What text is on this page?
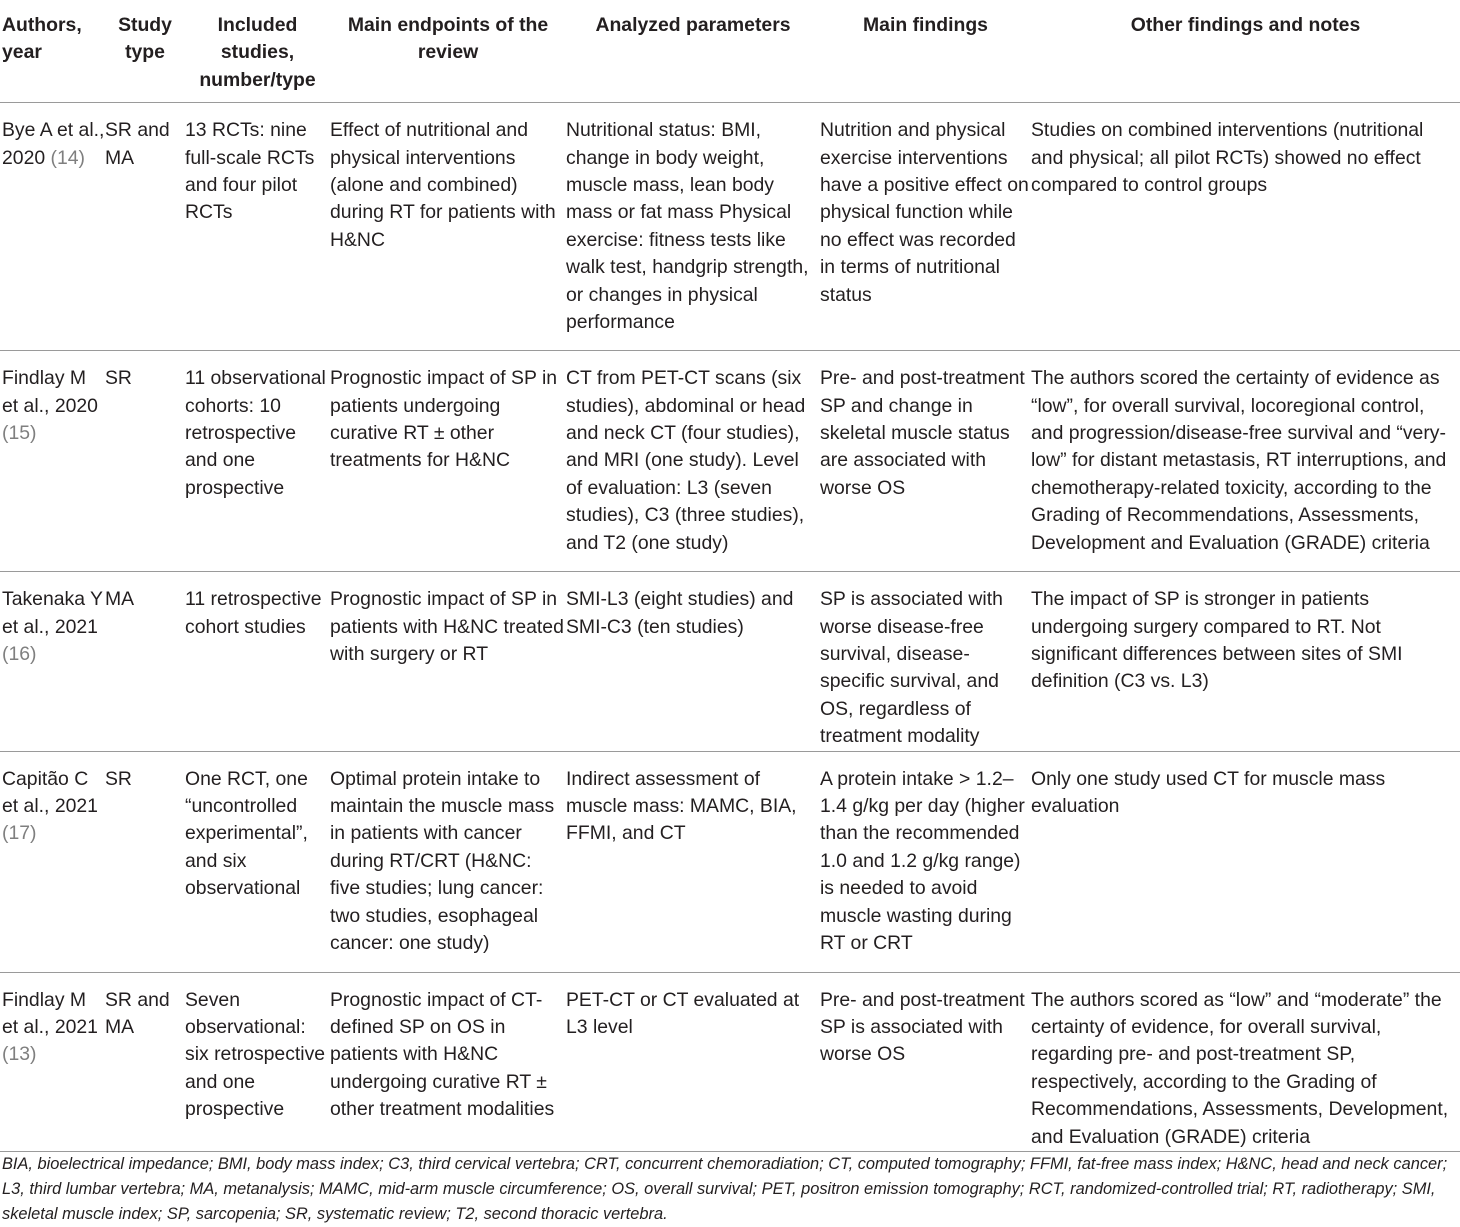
Authors, year	Study type	Included studies, number/type	Main endpoints of the review	Analyzed parameters	Main findings	Other findings and notes
Bye A et al., 2020 (14)	SR and MA	13 RCTs: nine full-scale RCTs and four pilot RCTs	Effect of nutritional and physical interventions (alone and combined) during RT for patients with H&NC	Nutritional status: BMI, change in body weight, muscle mass, lean body mass or fat mass Physical exercise: fitness tests like walk test, handgrip strength, or changes in physical performance	Nutrition and physical exercise interventions have a positive effect on physical function while no effect was recorded in terms of nutritional status	Studies on combined interventions (nutritional and physical; all pilot RCTs) showed no effect compared to control groups
Findlay M et al., 2020 (15)	SR	11 observational cohorts: 10 retrospective and one prospective	Prognostic impact of SP in patients undergoing curative RT ± other treatments for H&NC	CT from PET-CT scans (six studies), abdominal or head and neck CT (four studies), and MRI (one study). Level of evaluation: L3 (seven studies), C3 (three studies), and T2 (one study)	Pre- and post-treatment SP and change in skeletal muscle status are associated with worse OS	The authors scored the certainty of evidence as “low”, for overall survival, locoregional control, and progression/disease-free survival and “very-low” for distant metastasis, RT interruptions, and chemotherapy-related toxicity, according to the Grading of Recommendations, Assessments, Development and Evaluation (GRADE) criteria
Takenaka Y et al., 2021 (16)	MA	11 retrospective cohort studies	Prognostic impact of SP in patients with H&NC treated with surgery or RT	SMI-L3 (eight studies) and SMI-C3 (ten studies)	SP is associated with worse disease-free survival, disease-specific survival, and OS, regardless of treatment modality	The impact of SP is stronger in patients undergoing surgery compared to RT. Not significant differences between sites of SMI definition (C3 vs. L3)
Capitão C et al., 2021 (17)	SR	One RCT, one “uncontrolled experimental”, and six observational	Optimal protein intake to maintain the muscle mass in patients with cancer during RT/CRT (H&NC: five studies; lung cancer: two studies, esophageal cancer: one study)	Indirect assessment of muscle mass: MAMC, BIA, FFMI, and CT	A protein intake > 1.2–1.4 g/kg per day (higher than the recommended 1.0 and 1.2 g/kg range) is needed to avoid muscle wasting during RT or CRT	Only one study used CT for muscle mass evaluation
Findlay M et al., 2021 (13)	SR and MA	Seven observational: six retrospective and one prospective	Prognostic impact of CT-defined SP on OS in patients with H&NC undergoing curative RT ± other treatment modalities	PET-CT or CT evaluated at L3 level	Pre- and post-treatment SP is associated with worse OS	The authors scored as “low” and “moderate” the certainty of evidence, for overall survival, regarding pre- and post-treatment SP, respectively, according to the Grading of Recommendations, Assessments, Development, and Evaluation (GRADE) criteria
BIA, bioelectrical impedance; BMI, body mass index; C3, third cervical vertebra; CRT, concurrent chemoradiation; CT, computed tomography; FFMI, fat-free mass index; H&NC, head and neck cancer; L3, third lumbar vertebra; MA, metanalysis; MAMC, mid-arm muscle circumference; OS, overall survival; PET, positron emission tomography; RCT, randomized-controlled trial; RT, radiotherapy; SMI, skeletal muscle index; SP, sarcopenia; SR, systematic review; T2, second thoracic vertebra.
